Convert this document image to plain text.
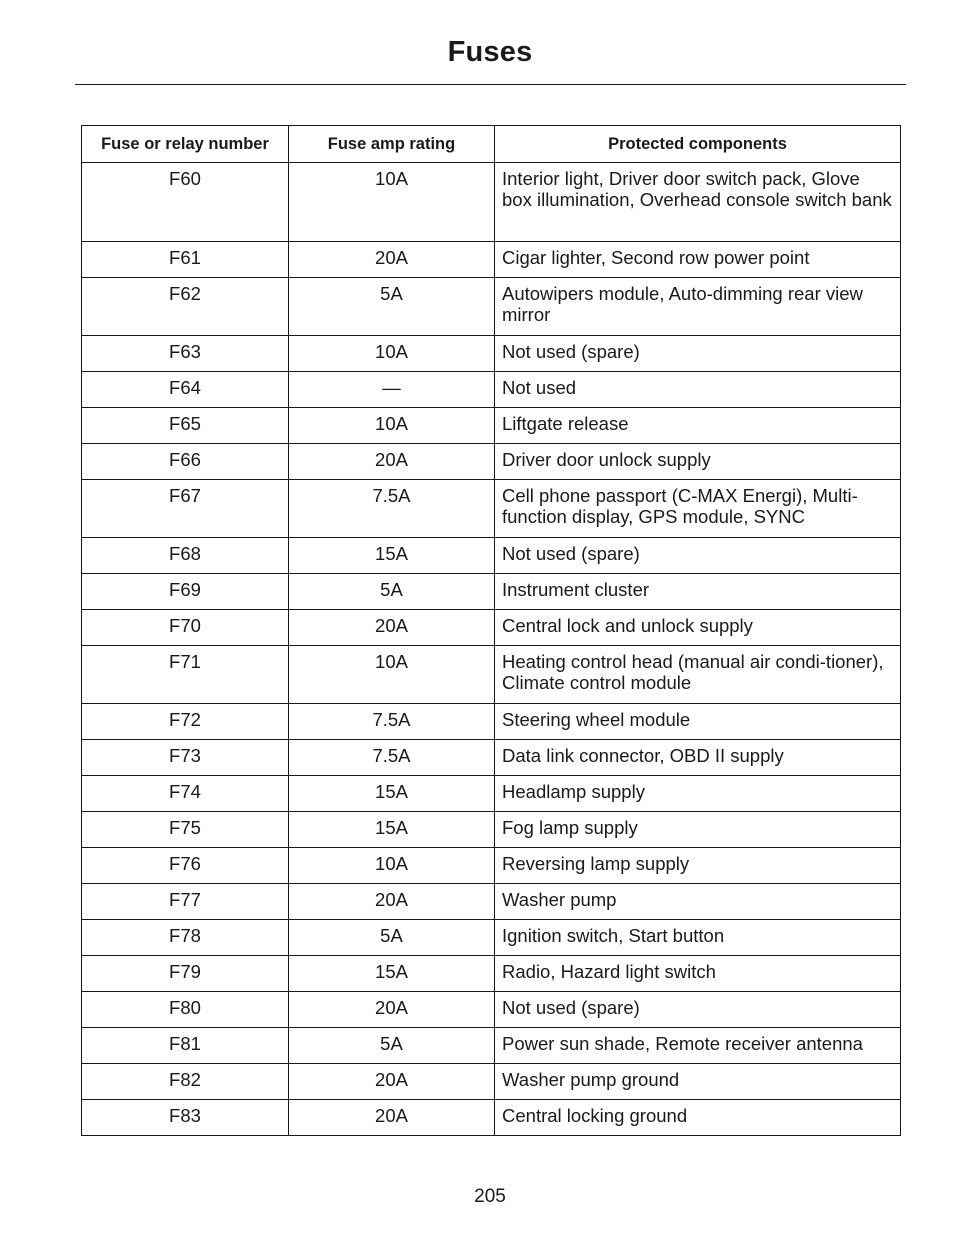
Fuses
Fuse or relay number	Fuse amp rating	Protected components
F60	10A	Interior light, Driver door switch pack, Glove box illumination, Overhead console switch bank
F61	20A	Cigar lighter, Second row power point
F62	5A	Autowipers module, Auto-dimming rear view mirror
F63	10A	Not used (spare)
F64	—	Not used
F65	10A	Liftgate release
F66	20A	Driver door unlock supply
F67	7.5A	Cell phone passport (C-MAX Energi), Multi-function display, GPS module, SYNC
F68	15A	Not used (spare)
F69	5A	Instrument cluster
F70	20A	Central lock and unlock supply
F71	10A	Heating control head (manual air condi-tioner), Climate control module
F72	7.5A	Steering wheel module
F73	7.5A	Data link connector, OBD II supply
F74	15A	Headlamp supply
F75	15A	Fog lamp supply
F76	10A	Reversing lamp supply
F77	20A	Washer pump
F78	5A	Ignition switch, Start button
F79	15A	Radio, Hazard light switch
F80	20A	Not used (spare)
F81	5A	Power sun shade, Remote receiver antenna
F82	20A	Washer pump ground
F83	20A	Central locking ground
205
